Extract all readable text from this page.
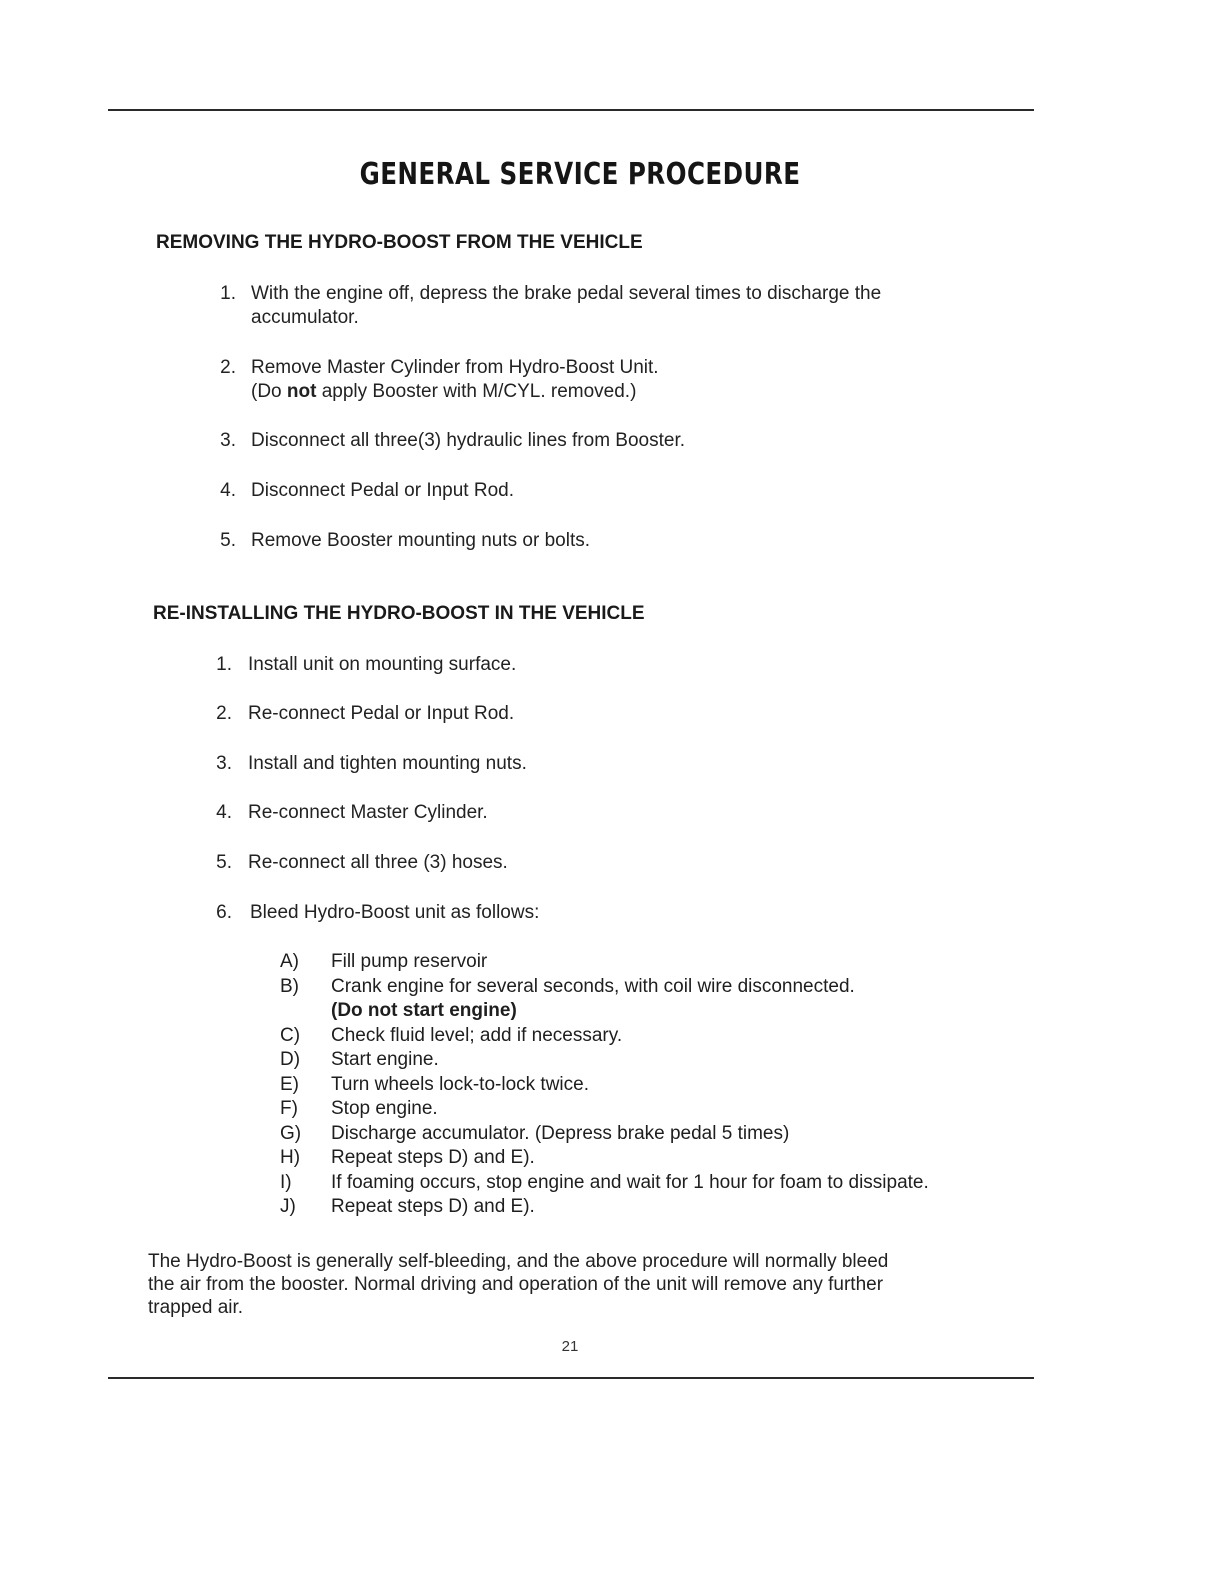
GENERAL SERVICE PROCEDURE
REMOVING THE HYDRO-BOOST FROM THE VEHICLE
1. With the engine off, depress the brake pedal several times to discharge the
accumulator.
2. Remove Master Cylinder from Hydro-Boost Unit.
(Do not apply Booster with M/CYL. removed.)
3. Disconnect all three(3) hydraulic lines from Booster.
4. Disconnect Pedal or Input Rod.
5. Remove Booster mounting nuts or bolts.
RE-INSTALLING THE HYDRO-BOOST IN THE VEHICLE
1. Install unit on mounting surface.
2. Re-connect Pedal or Input Rod.
3. Install and tighten mounting nuts.
4. Re-connect Master Cylinder.
5. Re-connect all three (3) hoses.
6. Bleed Hydro-Boost unit as follows:
A)	Fill pump reservoir
B)	Crank engine for several seconds, with coil wire disconnected.
(Do not start engine)
C)	Check fluid level; add if necessary.
D)	Start engine.
E)	Turn wheels lock-to-lock twice.
F)	Stop engine.
G)	Discharge accumulator. (Depress brake pedal 5 times)
H)	Repeat steps D) and E).
I)	If foaming occurs, stop engine and wait for 1 hour for foam to dissipate.
J)	Repeat steps D) and E).
The Hydro-Boost is generally self-bleeding, and the above procedure will normally bleed
the air from the booster. Normal driving and operation of the unit will remove any further
trapped air.
21
